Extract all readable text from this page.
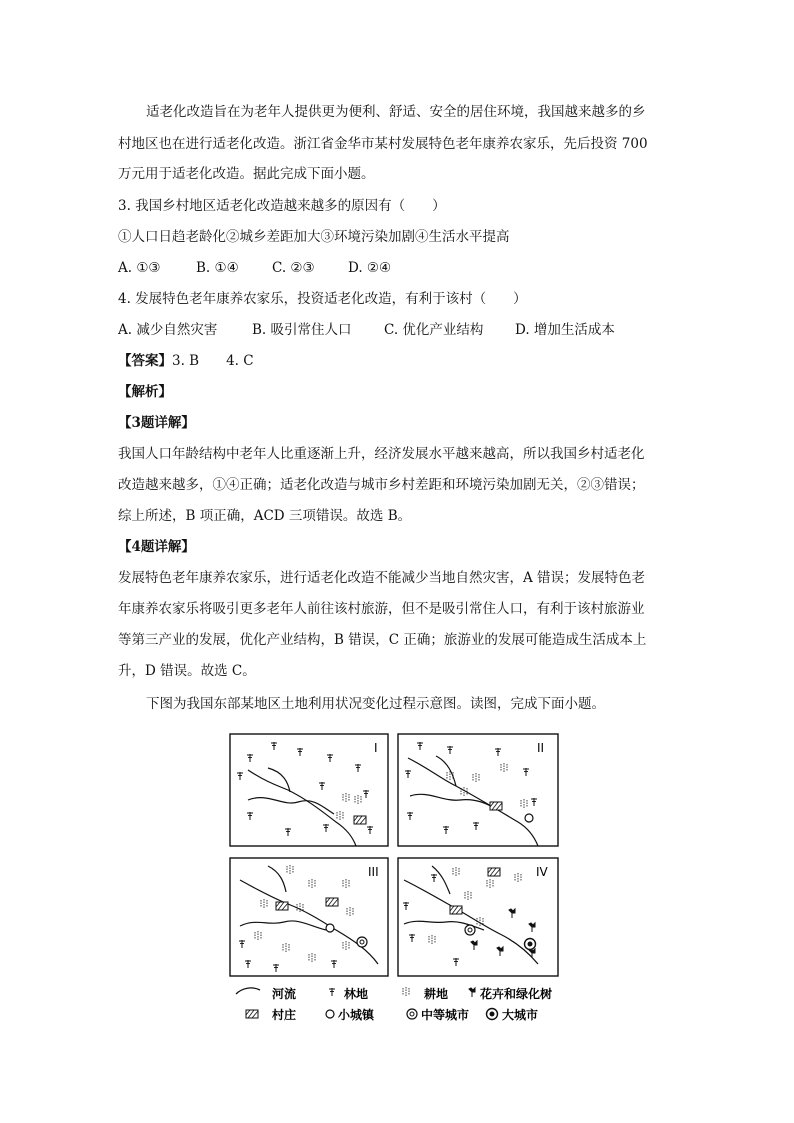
适老化改造旨在为老年人提供更为便利、舒适、安全的居住环境，我国越来越多的乡
村地区也在进行适老化改造。浙江省金华市某村发展特色老年康养农家乐，先后投资 700
万元用于适老化改造。据此完成下面小题。
3. 我国乡村地区适老化改造越来越多的原因有（　　）
①人口日趋老龄化②城乡差距加大③环境污染加剧④生活水平提高
A. ①③	B. ①④ C. ②③ D. ②④
4. 发展特色老年康养农家乐，投资适老化改造，有利于该村（　　）
A. 减少自然灾害	B. 吸引常住人口 C. 优化产业结构 D. 增加生活成本
【答案】3. B　　4. C
【解析】
【3题详解】
我国人口年龄结构中老年人比重逐渐上升，经济发展水平越来越高，所以我国乡村适老化
改造越来越多，①④正确；适老化改造与城市乡村差距和环境污染加剧无关，②③错误；
综上所述，B 项正确，ACD 三项错误。故选 B。
【4题详解】
发展特色老年康养农家乐，进行适老化改造不能减少当地自然灾害，A 错误；发展特色老
年康养农家乐将吸引更多老年人前往该村旅游，但不是吸引常住人口，有利于该村旅游业
等第三产业的发展，优化产业结构，B 错误，C 正确；旅游业的发展可能造成生活成本上
升，D 错误。故选 C。
下图为我国东部某地区土地利用状况变化过程示意图。读图，完成下面小题。
I	II
III	IV
河流	林地	耕地	花卉和绿化树
村庄	小城镇	中等城市	大城市
